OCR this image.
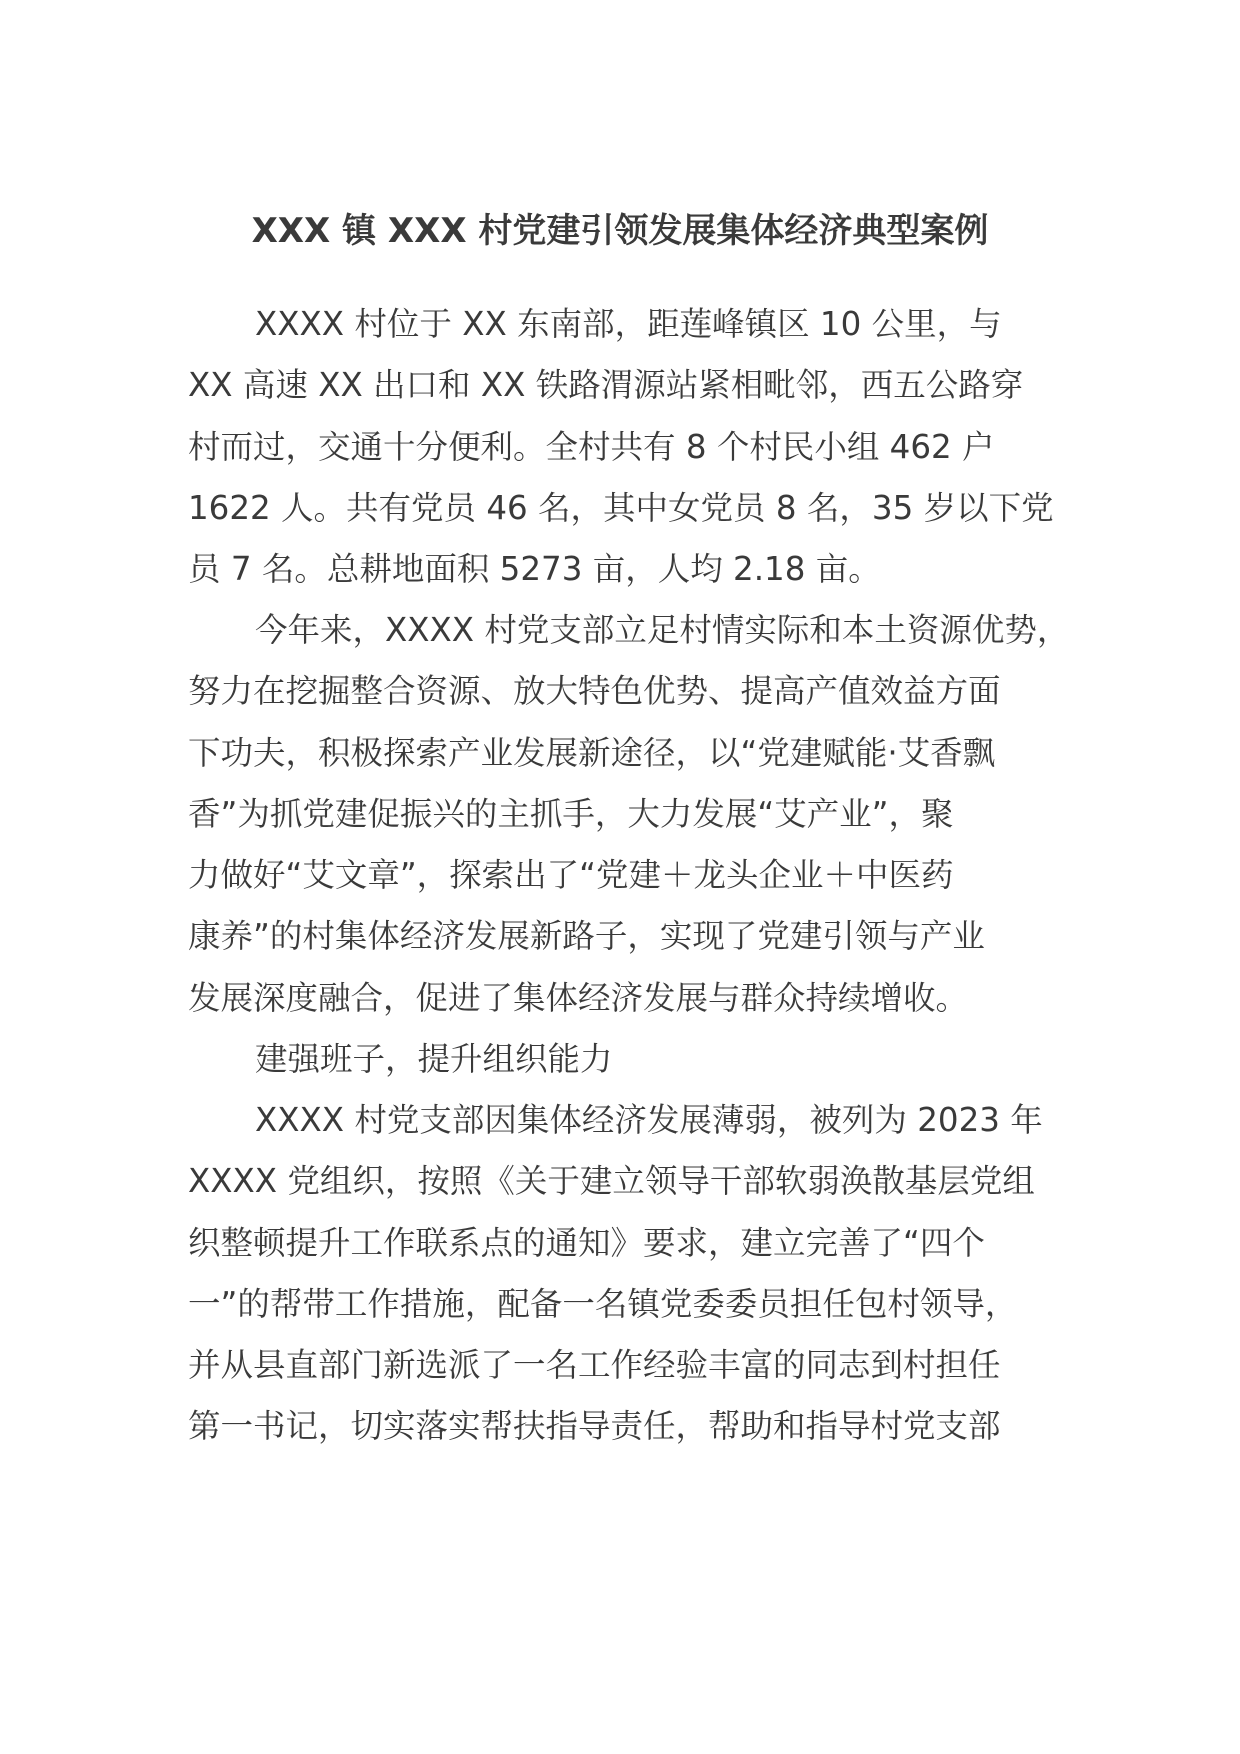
XXX 镇 XXX 村党建引领发展集体经济典型案例
XXXX 村位于 XX 东南部，距莲峰镇区 10 公里，与
XX 高速 XX 出口和 XX 铁路渭源站紧相毗邻，西五公路穿
村而过，交通十分便利。全村共有 8 个村民小组 462 户
1622 人。共有党员 46 名，其中女党员 8 名，35 岁以下党
员 7 名。总耕地面积 5273 亩，人均 2.18 亩。
今年来，XXXX 村党支部立足村情实际和本土资源优势，
努力在挖掘整合资源、放大特色优势、提高产值效益方面
下功夫，积极探索产业发展新途径，以“党建赋能·艾香飘
香”为抓党建促振兴的主抓手，大力发展“艾产业”，聚
力做好“艾文章”，探索出了“党建＋龙头企业＋中医药
康养”的村集体经济发展新路子，实现了党建引领与产业
发展深度融合，促进了集体经济发展与群众持续增收。
建强班子，提升组织能力
XXXX 村党支部因集体经济发展薄弱，被列为 2023 年
XXXX 党组织，按照《关于建立领导干部软弱涣散基层党组
织整顿提升工作联系点的通知》要求，建立完善了“四个
一”的帮带工作措施，配备一名镇党委委员担任包村领导，
并从县直部门新选派了一名工作经验丰富的同志到村担任
第一书记，切实落实帮扶指导责任，帮助和指导村党支部
